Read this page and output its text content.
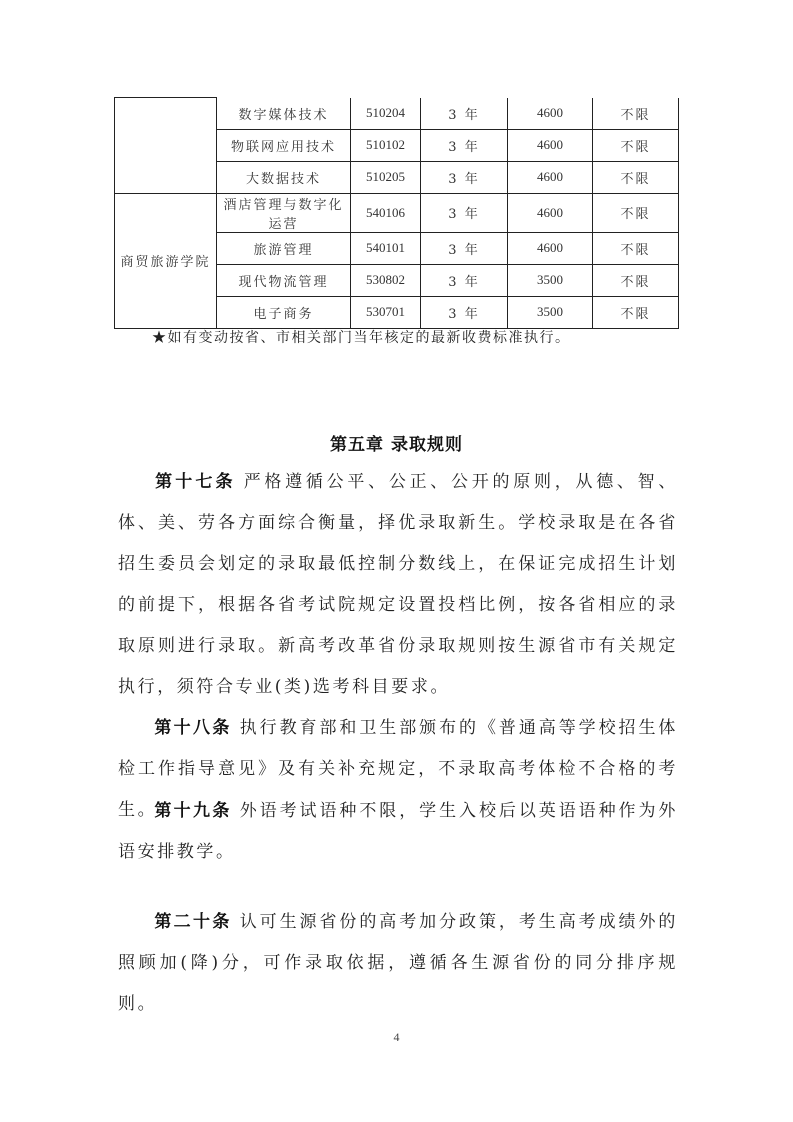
	数字媒体技术	510204	3 年	4600	不限
	物联网应用技术	510102	3 年	4600	不限
	大数据技术	510205	3 年	4600	不限
商贸旅游学院	酒店管理与数字化运营	540106	3 年	4600	不限
	旅游管理	540101	3 年	4600	不限
	现代物流管理	530802	3 年	3500	不限
	电子商务	530701	3 年	3500	不限
★如有变动按省、市相关部门当年核定的最新收费标准执行。
第五章 录取规则
第十七条 严格遵循公平、公正、公开的原则，从德、智、体、美、劳各方面综合衡量，择优录取新生。学校录取是在各省招生委员会划定的录取最低控制分数线上，在保证完成招生计划的前提下，根据各省考试院规定设置投档比例，按各省相应的录取原则进行录取。新高考改革省份录取规则按生源省市有关规定执行，须符合专业(类)选考科目要求。
第十八条 执行教育部和卫生部颁布的《普通高等学校招生体检工作指导意见》及有关补充规定，不录取高考体检不合格的考生。
第十九条 外语考试语种不限，学生入校后以英语语种作为外语安排教学。
第二十条 认可生源省份的高考加分政策，考生高考成绩外的照顾加(降)分，可作录取依据，遵循各生源省份的同分排序规则。
4
